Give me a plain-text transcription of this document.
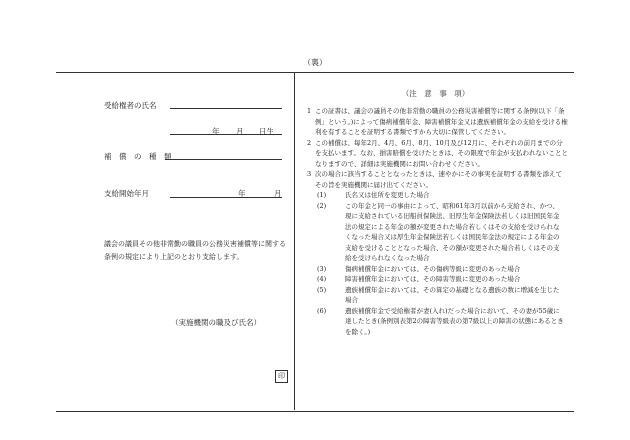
（裏）
受給権者の氏名
年 月 日生
補　償　の　種　類
支給開始年月	年	月
議会の議員その他非常勤の職員の公務災害補償等に関する条例の規定により上記のとおり支給します。
（実施機関の職及び氏名）
印
（注　意　事　項）
1 この証書は、議会の議員その他非常勤の職員の公務災害補償等に関する条例(以下「条例」という。)によって傷病補償年金、障害補償年金又は遺族補償年金の支給を受ける権利を有することを証明する書類ですから大切に保管してください。
2 この補償は、毎年2月、4月、6月、8月、10月及び12月に、それぞれの前月までの分を支払います。なお、損害賠償を受けたときは、その限度で年金が支払われないこととなりますので、詳細は実施機関にお問い合わせください。
3 次の場合に該当することとなったときは、速やかにその事実を証明する書類を添えてその旨を実施機関に届け出てください。
(1)	氏名又は住所を変更した場合
(2)	この年金と同一の事由によって、昭和61年3月以前から支給され、かつ、現に支給されている旧船員保険法、旧厚生年金保険法若しくは旧国民年金法の規定による年金の額が変更された場合若しくはその支給を受けられなくなった場合又は厚生年金保険法若しくは国民年金法の規定による年金の支給を受けることとなった場合、その額が変更された場合若しくはその支給を受けられなくなった場合
(3)	傷病補償年金においては、その傷病等級に変更のあった場合
(4)	障害補償年金においては、その障害等級に変更のあった場合
(5)	遺族補償年金においては、その算定の基礎となる遺族の数に増減を生じた場合
(6)	遺族補償年金で受給権者が妻(入れ)だった場合において、その妻が55歳に達したとき(条例別表第2の障害等級表の第7級以上の障害の状態にあるときを除く。)
